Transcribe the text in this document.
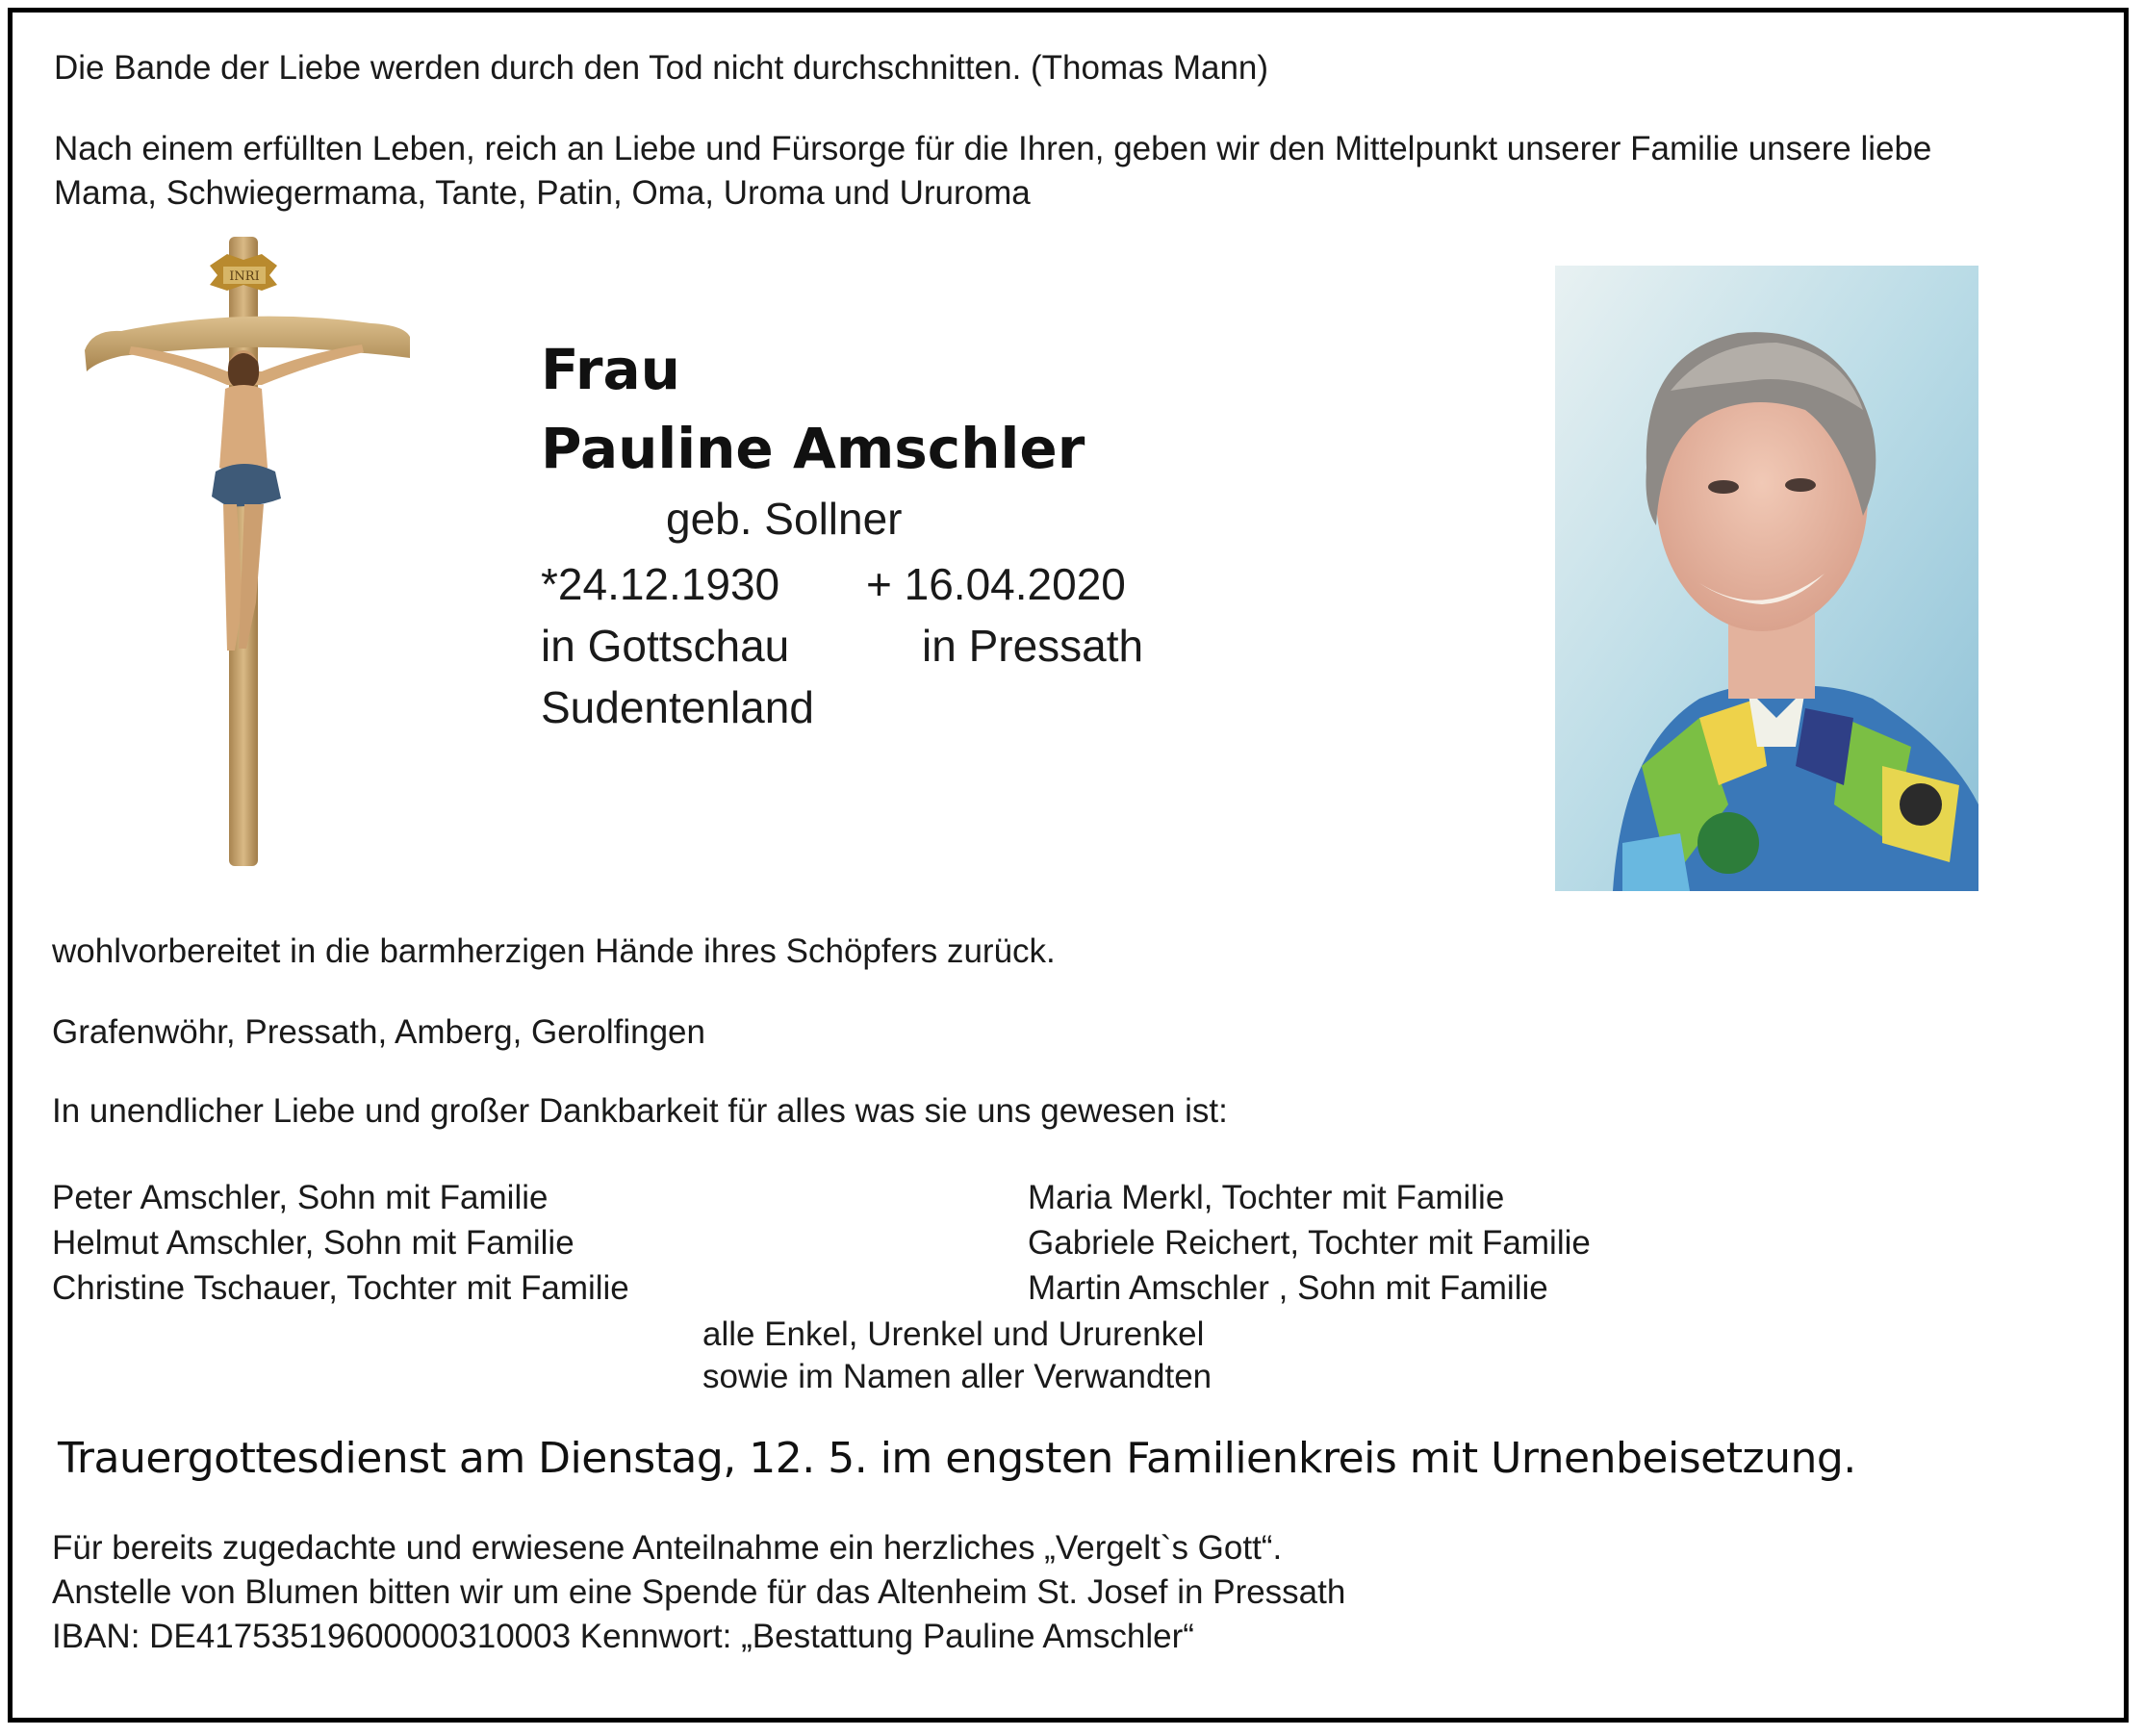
Die Bande der Liebe werden durch den Tod nicht durchschnitten. (Thomas Mann)
Nach einem erfüllten Leben, reich an Liebe und Fürsorge für die Ihren, geben wir den Mittelpunkt unserer Familie unsere liebe
Mama, Schwiegermama, Tante, Patin, Oma, Uroma und Ururoma
INRI
Frau
Pauline Amschler
geb. Sollner
*24.12.1930 + 16.04.2020
in Gottschau	in Pressath
Sudentenland
wohlvorbereitet in die barmherzigen Hände ihres Schöpfers zurück.
Grafenwöhr, Pressath, Amberg, Gerolfingen
In unendlicher Liebe und großer Dankbarkeit für alles was sie uns gewesen ist:
Peter Amschler, Sohn mit Familie
Helmut Amschler, Sohn mit Familie
Christine Tschauer, Tochter mit Familie
Maria Merkl, Tochter mit Familie
Gabriele Reichert, Tochter mit Familie
Martin Amschler , Sohn mit Familie
alle Enkel, Urenkel und Ururenkel
sowie im Namen aller Verwandten
Trauergottesdienst am Dienstag, 12. 5. im engsten Familienkreis mit Urnenbeisetzung.
Für bereits zugedachte und erwiesene Anteilnahme ein herzliches „Vergelt`s Gott“.
Anstelle von Blumen bitten wir um eine Spende für das Altenheim St. Josef in Pressath
IBAN: DE41753519600000310003 Kennwort: „Bestattung Pauline Amschler“
